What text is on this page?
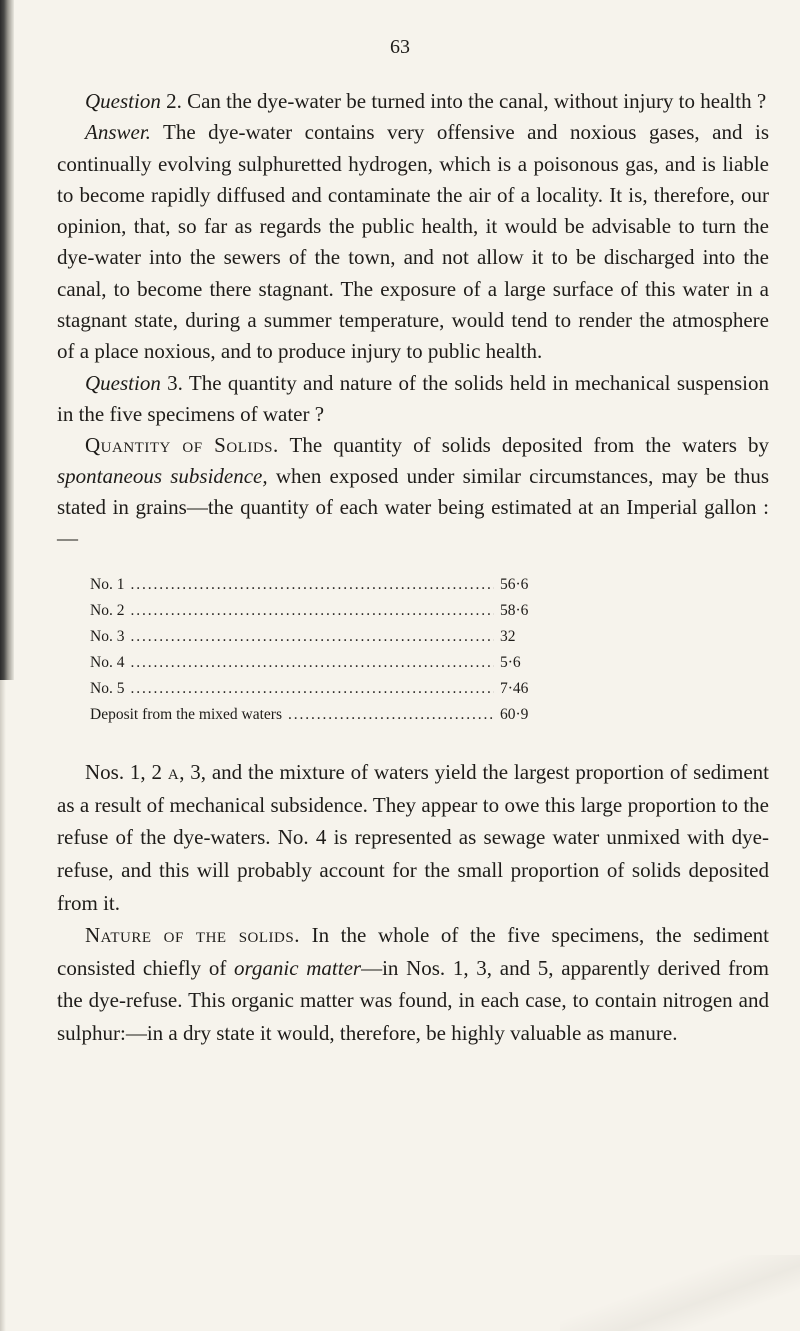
63

Question 2. Can the dye-water be turned into the canal, without injury to health ?

Answer. The dye-water contains very offensive and noxious gases, and is continually evolving sulphuretted hydrogen, which is a poisonous gas, and is liable to become rapidly diffused and contaminate the air of a locality. It is, therefore, our opinion, that, so far as regards the public health, it would be advisable to turn the dye-water into the sewers of the town, and not allow it to be discharged into the canal, to become there stagnant. The exposure of a large surface of this water in a stagnant state, during a summer temperature, would tend to render the atmosphere of a place noxious, and to produce injury to public health.

Question 3. The quantity and nature of the solids held in mechanical suspension in the five specimens of water ?

Quantity of Solids. The quantity of solids deposited from the waters by spontaneous subsidence, when exposed under similar circumstances, may be thus stated in grains—the quantity of each water being estimated at an Imperial gallon :—

No. 1 . . .	56·6
No. 2 . . .	58·6
No. 3 . . .	32
No. 4 . . .	5·6
No. 5 . . .	7·46
Deposit from the mixed waters . . .	60·9

Nos. 1, 2 a, 3, and the mixture of waters yield the largest proportion of sediment as a result of mechanical subsidence. They appear to owe this large proportion to the refuse of the dye-waters. No. 4 is represented as sewage water unmixed with dye-refuse, and this will probably account for the small proportion of solids deposited from it.

Nature of the solids. In the whole of the five specimens, the sediment consisted chiefly of organic matter—in Nos. 1, 3, and 5, apparently derived from the dye-refuse. This organic matter was found, in each case, to contain nitrogen and sulphur:—in a dry state it would, therefore, be highly valuable as manure.
